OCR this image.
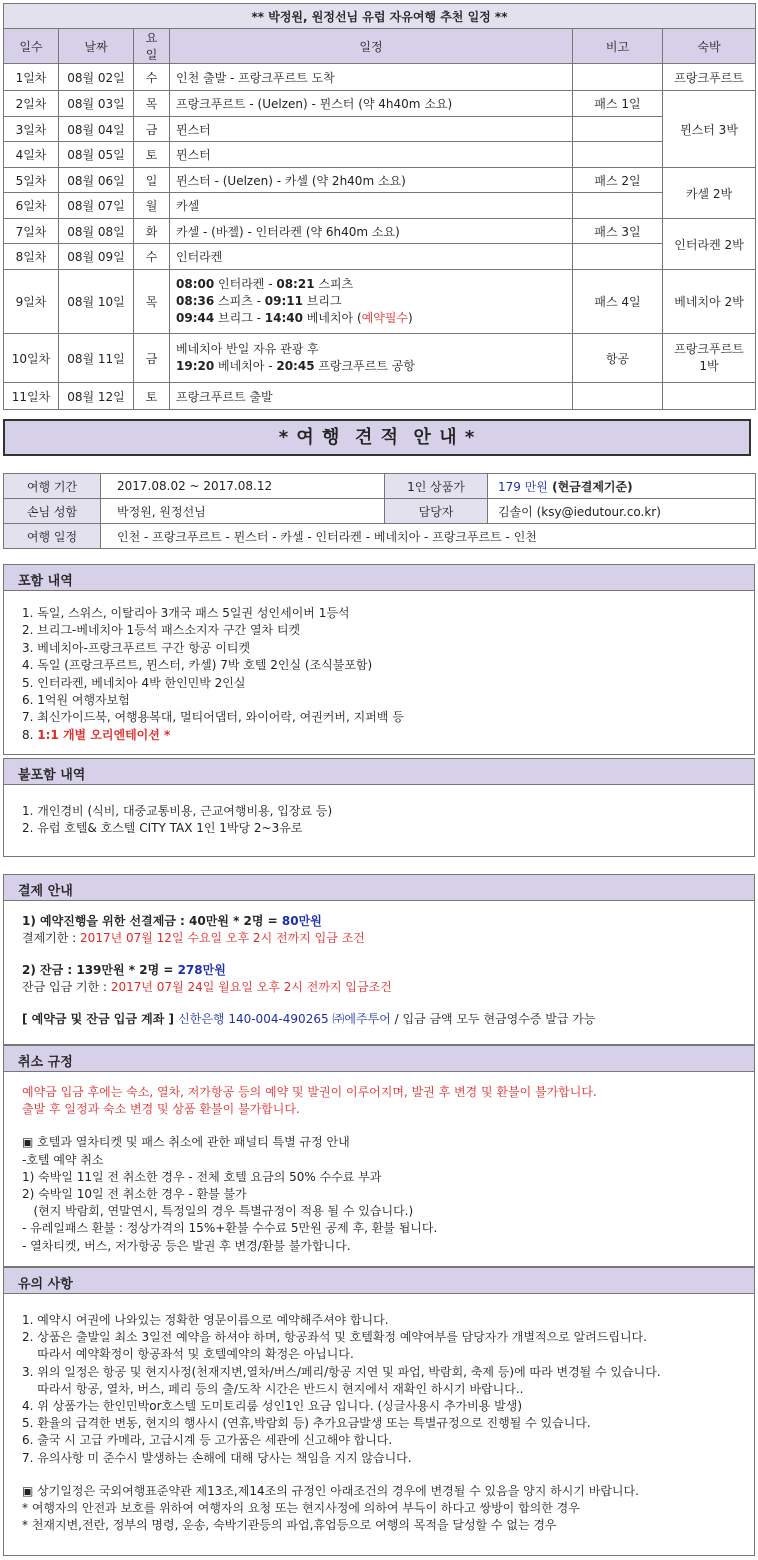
** 박정원, 원정선님 유럽 자유여행 추천 일정 **					
일수	날짜	요일	일정	비고	숙박
1일차	08월 02일	수	인천 출발 - 프랑크푸르트 도착		프랑크푸르트
2일차	08월 03일	목	프랑크푸르트 - (Uelzen) - 뮌스터 (약 4h40m 소요)	패스 1일	뮌스터 3박
3일차	08월 04일	금	뮌스터		
4일차	08월 05일	토	뮌스터		
5일차	08월 06일	일	뮌스터 - (Uelzen) - 카셀 (약 2h40m 소요)	패스 2일	카셀 2박
6일차	08월 07일	월	카셀		
7일차	08월 08일	화	카셀 - (바젤) - 인터라켄 (약 6h40m 소요)	패스 3일	인터라켄 2박
8일차	08월 09일	수	인터라켄		
9일차	08월 10일	목	08:00 인터라켄 - 08:21 스피츠
08:36 스피츠 - 09:11 브리그
09:44 브리그 - 14:40 베네치아 (예약필수)	패스 4일	베네치아 2박
10일차	08월 11일	금	베네치아 반일 자유 관광 후
19:20 베네치아 - 20:45 프랑크푸르트 공항	항공	프랑크푸르트 1박
11일차	08월 12일	토	프랑크푸르트 출발		
* 여 행  견 적  안 내 *
여행 기간	2017.08.02 ~ 2017.08.12	1인 상품가	179 만원 (현금결제기준)
손님 성함	박정원, 원정선님	담당자	김솔이 (ksy@iedutour.co.kr)
여행 일정	인천 - 프랑크푸르트 - 뮌스터 - 카셀 - 인터라켄 - 베네치아 - 프랑크푸르트 - 인천		
포함 내역
1. 독일, 스위스, 이탈리아 3개국 패스 5일권 성인세이버 1등석
2. 브리그-베네치아 1등석 패스소지자 구간 열차 티켓
3. 베네치아-프랑크푸르트 구간 항공 이티켓
4. 독일 (프랑크푸르트, 뮌스터, 카셀) 7박 호텔 2인실 (조식불포함)
5. 인터라켄, 베네치아 4박 한인민박 2인실
6. 1억원 여행자보험
7. 최신가이드북, 여행용복대, 멀티어댑터, 와이어락, 여권커버, 지퍼백 등
8. 1:1 개별 오리엔테이션 *
불포함 내역
1. 개인경비 (식비, 대중교통비용, 근교여행비용, 입장료 등)
2. 유럽 호텔& 호스텔 CITY TAX 1인 1박당 2~3유로
결제 안내
1) 예약진행을 위한 선결제금 : 40만원 * 2명 = 80만원
결제기한 : 2017년 07월 12일 수요일 오후 2시 전까지 입금 조건
2) 잔금 : 139만원 * 2명 = 278만원
잔금 입금 기한 : 2017년 07월 24일 월요일 오후 2시 전까지 입금조건
[ 예약금 및 잔금 입금 계좌 ] 신한은행 140-004-490265 ㈜에주투어 / 입금 금액 모두 현금영수증 발급 가능
취소 규정
예약금 입금 후에는 숙소, 열차, 저가항공 등의 예약 및 발권이 이루어지며, 발권 후 변경 및 환불이 불가합니다.
출발 후 일정과 숙소 변경 및 상품 환불이 불가합니다.
▣ 호텔과 열차티켓 및 패스 취소에 관한 패널티 특별 규정 안내
-호텔 예약 취소
1) 숙박일 11일 전 취소한 경우 - 전체 호텔 요금의 50% 수수료 부과
2) 숙박일 10일 전 취소한 경우 - 환불 불가
(현지 박람회, 연말연시, 특정일의 경우 특별규정이 적용 될 수 있습니다.)
- 유레일패스 환불 : 정상가격의 15%+환불 수수료 5만원 공제 후, 환불 됩니다.
- 열차티켓, 버스, 저가항공 등은 발권 후 변경/환불 불가합니다.
유의 사항
1. 예약시 여권에 나와있는 정확한 영문이름으로 예약해주셔야 합니다.
2. 상품은 출발일 최소 3일전 예약을 하셔야 하며, 항공좌석 및 호텔확정 예약여부를 담당자가 개별적으로 알려드립니다.
따라서 예약확정이 항공좌석 및 호텔예약의 확정은 아닙니다.
3. 위의 일정은 항공 및 현지사정(천재지변,열차/버스/페리/항공 지연 및 파업, 박람회, 축제 등)에 따라 변경될 수 있습니다.
따라서 항공, 열차, 버스, 페리 등의 출/도착 시간은 반드시 현지에서 재확인 하시기 바랍니다..
4. 위 상품가는 한인민박or호스텔 도미토리룸 성인1인 요금 입니다. (싱글사용시 추가비용 발생)
5. 환율의 급격한 변동, 현지의 행사시 (연휴,박람회 등) 추가요금발생 또는 특별규정으로 진행될 수 있습니다.
6. 출국 시 고급 카메라, 고급시계 등 고가품은 세관에 신고해야 합니다.
7. 유의사항 미 준수시 발생하는 손해에 대해 당사는 책임을 지지 않습니다.
▣ 상기일정은 국외여행표준약관 제13조,제14조의 규정인 아래조건의 경우에 변경될 수 있음을 양지 하시기 바랍니다.
* 여행자의 안전과 보호를 위하여 여행자의 요청 또는 현지사정에 의하여 부득이 하다고 쌍방이 합의한 경우
* 천재지변,전란, 정부의 명령, 운송, 숙박기관등의 파업,휴업등으로 여행의 목적을 달성할 수 없는 경우
